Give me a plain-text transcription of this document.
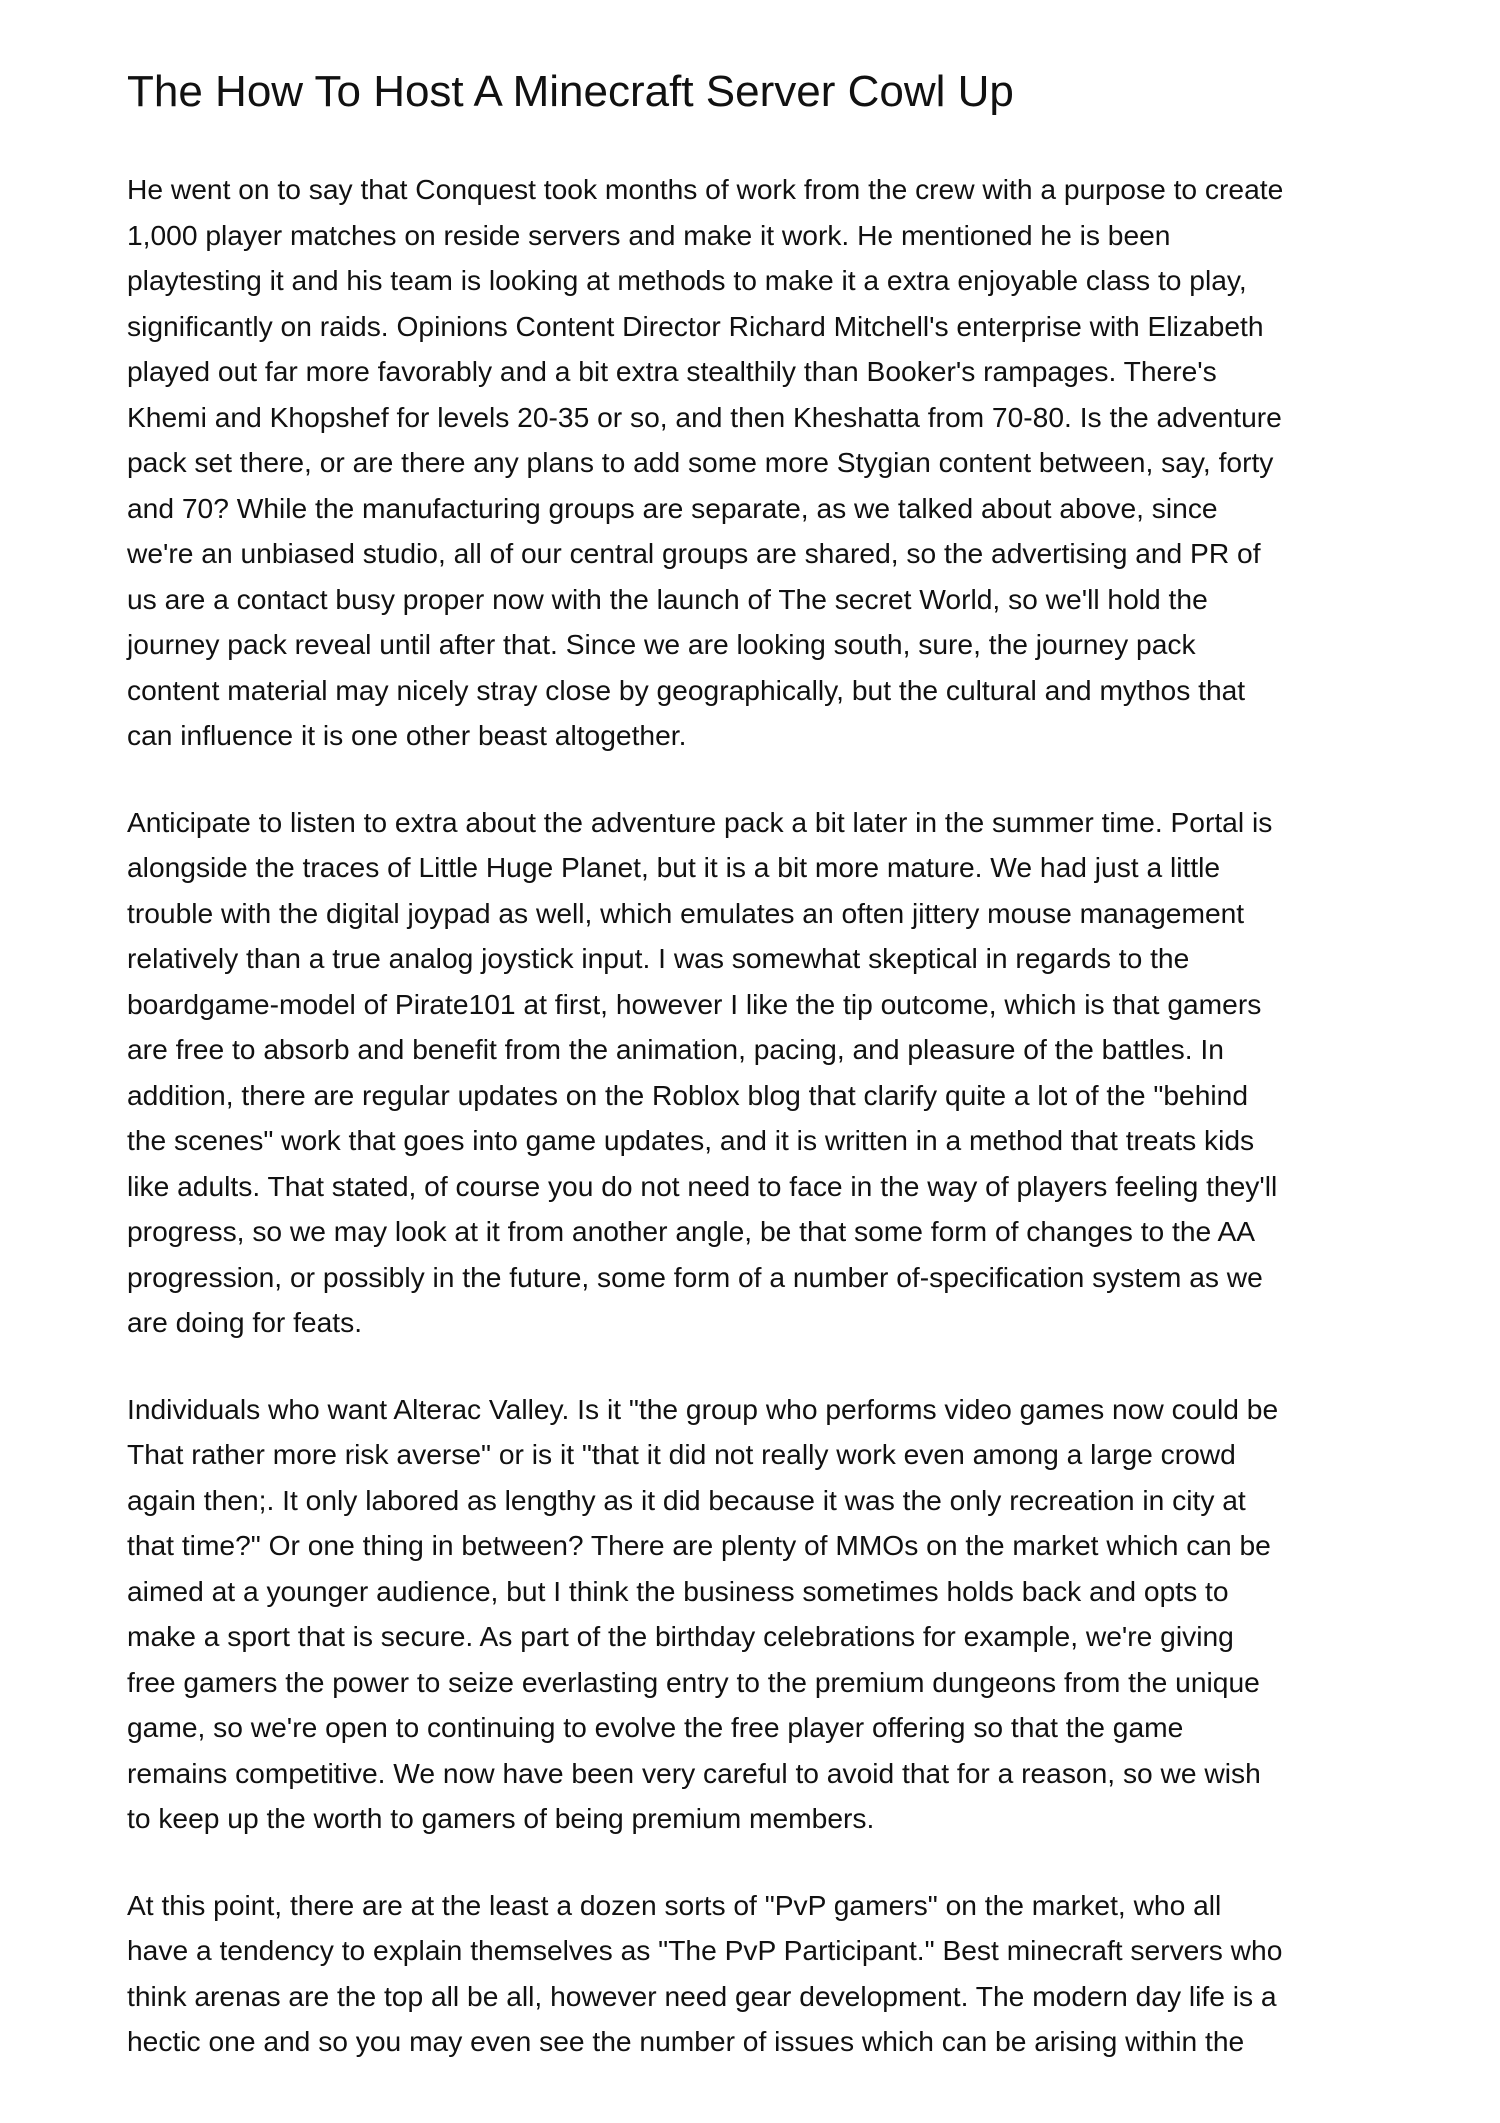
The How To Host A Minecraft Server Cowl Up

He went on to say that Conquest took months of work from the crew with a purpose to create
1,000 player matches on reside servers and make it work. He mentioned he is been
playtesting it and his team is looking at methods to make it a extra enjoyable class to play,
significantly on raids. Opinions Content Director Richard Mitchell's enterprise with Elizabeth
played out far more favorably and a bit extra stealthily than Booker's rampages. There's
Khemi and Khopshef for levels 20-35 or so, and then Kheshatta from 70-80. Is the adventure
pack set there, or are there any plans to add some more Stygian content between, say, forty
and 70? While the manufacturing groups are separate, as we talked about above, since
we're an unbiased studio, all of our central groups are shared, so the advertising and PR of
us are a contact busy proper now with the launch of The secret World, so we'll hold the
journey pack reveal until after that. Since we are looking south, sure, the journey pack
content material may nicely stray close by geographically, but the cultural and mythos that
can influence it is one other beast altogether.

Anticipate to listen to extra about the adventure pack a bit later in the summer time. Portal is
alongside the traces of Little Huge Planet, but it is a bit more mature. We had just a little
trouble with the digital joypad as well, which emulates an often jittery mouse management
relatively than a true analog joystick input. I was somewhat skeptical in regards to the
boardgame-model of Pirate101 at first, however I like the tip outcome, which is that gamers
are free to absorb and benefit from the animation, pacing, and pleasure of the battles. In
addition, there are regular updates on the Roblox blog that clarify quite a lot of the "behind
the scenes" work that goes into game updates, and it is written in a method that treats kids
like adults. That stated, of course you do not need to face in the way of players feeling they'll
progress, so we may look at it from another angle, be that some form of changes to the AA
progression, or possibly in the future, some form of a number of-specification system as we
are doing for feats.

Individuals who want Alterac Valley. Is it "the group who performs video games now could be
That rather more risk averse" or is it "that it did not really work even among a large crowd
again then;. It only labored as lengthy as it did because it was the only recreation in city at
that time?" Or one thing in between? There are plenty of MMOs on the market which can be
aimed at a younger audience, but I think the business sometimes holds back and opts to
make a sport that is secure. As part of the birthday celebrations for example, we're giving
free gamers the power to seize everlasting entry to the premium dungeons from the unique
game, so we're open to continuing to evolve the free player offering so that the game
remains competitive. We now have been very careful to avoid that for a reason, so we wish
to keep up the worth to gamers of being premium members.

At this point, there are at the least a dozen sorts of "PvP gamers" on the market, who all
have a tendency to explain themselves as "The PvP Participant." Best minecraft servers who
think arenas are the top all be all, however need gear development. The modern day life is a
hectic one and so you may even see the number of issues which can be arising within the
